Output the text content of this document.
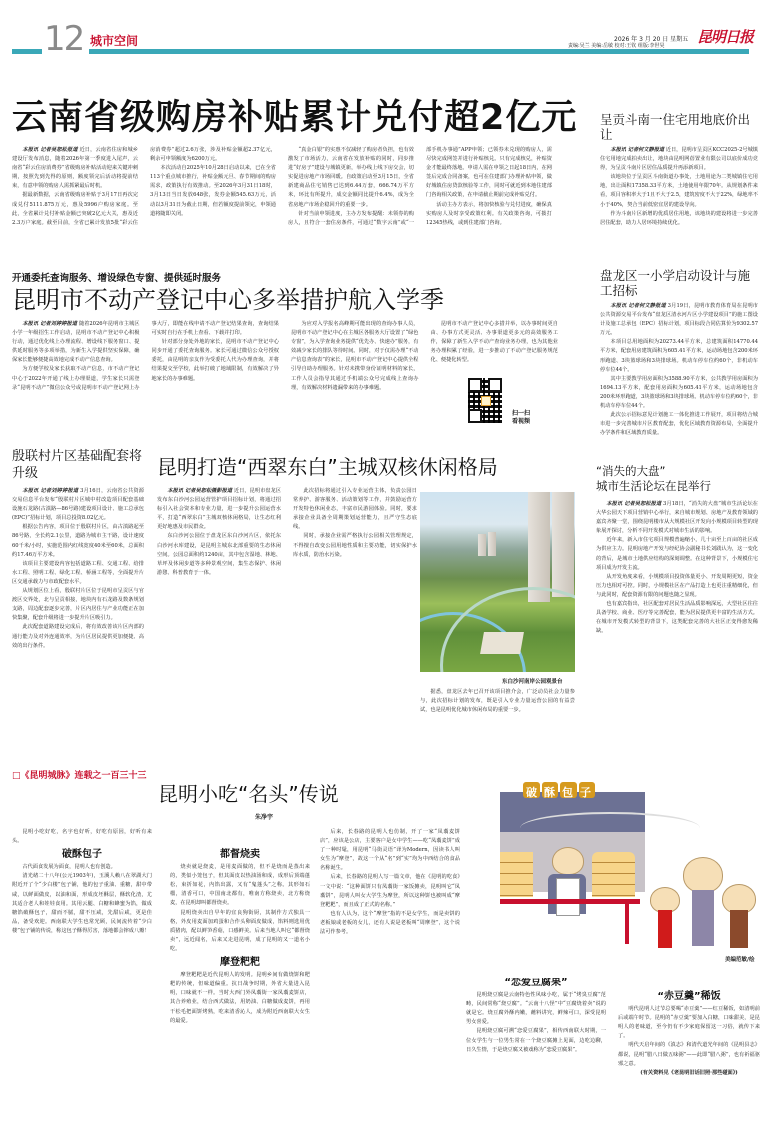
12 城市空间	2026 年 3 月 20 日 星期五
责编:吴兰 美编:岳敏 校对:王钦 组版:李世昊 昆明日报
云南省级购房补贴累计兑付超2亿元

本报讯 记者吴恕松报道 近日，云南省住房和城乡建设厅发布消息，随着2026年第一季度进入尾声，云南省“彩云住房消费券”省级购房补贴活动迎来关键冲刺期，按照先到先得的原则，额度领完后活动将提前结束，有意申领的购房人需抓紧最后时机。

据最新数据，云南省级购房补贴于3月17日再次完成兑付5111.875万元，惠及5996户购房家庭。至此，全省累计兑付补贴金额已突破2亿元大关，惠及近2.3万户家庭。截至目前，全省已累计发放5批“彩云住房消费券”超过2.6万张，涉及补贴金额超2.37亿元，剩余可申领额度为6200万元。

本次活动自2025年10月28日启动以来，已在全省113个重点城市推行，补贴金额元旦、春节期间的购房需求，政策执行有效推动。至2026年3月31日18时，3月13日当日发放648张，发券金额545.63万元，活动以3月31日为截止日期，但若额度提前领完，申领通道将随即关闭。

“真金白银”的实惠不仅减轻了购房者负担，也有效激发了市场活力，云南省在发放补贴的同时，同步推进“好房子”建设与城镇更新，举办线上线下房交会，切实促进房地产市场回暖。自政策启动至3月15日，全省新建商品住宅销售已达到6.44万套，666.74万平方米，环比有所提升，成交金额同比提升6.4%，成为全省房地产市场企稳回升的重要一步。

针对当前申领进度，主办方发布提醒：未领券的购房人，且符合一套住房条件，可通过“数字云南”或“一部手机办事通”APP申领；已领券未兑现的购房人，需尽快完成网签并进行补贴核兑。只有完成核兑，补贴资金才能最终落地。申请人需在申领之日起18日内，在网签后完成合同备案，也可在住建部门办理补贴申领，做好城镇住房贷款核验等工作，同时可就近到本地住建部门咨询相关政策，在申请截止期前完成补贴兑付。

活动主办方表示，将加快核验与兑付进度，确保真实购房人及时享受政策红利。有关政策咨询，可拨打12345热线，或到住建部门咨询。

呈贡斗南一住宅用地底价出让

本报讯 记者何文静报道 近日，昆明市呈贡区KCC2025-2号城镇住宅用地完成拍卖出让，地块由昆明网蓓置业有限公司以底价成功竞得，为呈贡斗南片区居住品质提升再添新项目。

该地块位于呈贡区斗南街道办事处，土地用途为二类城镇住宅用地，出让面积17358.33平方米，土地使用年限70年。从规划条件来看，项目容积率大于1且不大于2.5，建筑密度不大于22%，绿地率不小于40%，契合当前低密宜居的建设导向。

作为斗南片区新增的优质居住用地，该地块的建设将进一步完善居住配套，助力人居环境持续优化。

开通委托查询服务、增设绿色专窗、提供延时服务
昆明市不动产登记中心多举措护航入学季

本报讯 记者刘婷婷报道 随着2026年昆明市主城区小学一年级招生工作启动，昆明市不动产登记中心积极行动，通过优化线上办理流程、增设线下服务窗口、提供延时服务等多项举措，为新生入学提供坚实保障，确保家长能够便捷高效地完成不动产信息查询。

为方便学校及家长获取不动产信息，市不动产登记中心于2022年开通了线上办理渠道，学生家长只需登录“昆明不动产”微信公众号或昆明市不动产登记网上办事大厅，即能在线申请不动产登记结果查询，查询结果可实时自行在手机上查看、下载并打印。

针对部分身处外地的家长，昆明市不动产登记中心同步开通了委托查询服务。家长可通过微信公众号授权委托，由昆明的亲友作为受委托人代为办理查询，并将结果提交至学校，此举打破了地域限制，有效解决了异地家长的办事难题。

为应对入学报名高峰期可能出现的查询办事人员，昆明市不动产登记中心在主城区各服务大厅设置了“绿色专窗”，为入学查询业务提供“优先办、快速办”服务，有效减少家长的排队等待时间。同时，对于仅需办理“不动产信息查询表”的家长，昆明市不动产登记中心提供全程引导自助办理服务。针对未携带身份证明材料的家长，工作人员会指导其通过手机端公众号完成线上查询办理，有效解决材料遗漏带来的办事难题。

昆明市不动产登记中心多措并举，以办事时间更自由、办事方式更灵活、办事渠道更多元的高效服务工作，保障了新生入学不动产查询业务办理，也为其他业务办理积累了经验，进一步推动了不动产登记服务规范化、便捷化转型。

扫一扫
看视频
盘龙区一小学启动设计与施工招标

本报讯 记者何文静报道 3月19日，昆明市教育体育局在昆明市公共资源交易平台发布“盘龙区清水河片区小学建设项目”的施工图设计及施工总承包（EPC）招标计划，项目标段合同估算价为9302.57万元。

本项目总用地面积为20273.44平方米，总建筑面积14770.44平方米，配套用房建筑面积为605.41平方米，运动场地包含200米环形跑道、3块篮球场和3块排球场。机动车停车位约60个，非机动车停车位44个。

其中主要教学用房面积为3588.90平方米，公共教学用房面积为1694.13平方米，配套用房面积为605.41平方米，运动场地包含200米环形跑道，3块篮球场和3块排球场。机动车停车位约60个，非机动车停车位44个。

此次公示招标意见计划施工一体化推进工作展开，项目将结合城市进一步完善城市片区教育配套，优化区域教育资源布局，全面提升办学条件和区域教育质量。

殷联村片区基础配套将升级

本报讯 记者刘婷婷报道 3月16日，云南省公共资源交易信息平台发布“殷联村片区城中村改造项目配套基础设施石龙路(古滇路—86号路)建设项目设计、施工总承包(EPC)”招标计划，项目总投资8.02亿元。

根据公告内容，项目位于殷联村片区，由古滇路起至86号路，全长约2.1公里，道路为城市主干路，设计速度60千米/小时，实施范围内红线宽度40米至60米，总面积约17.46万平方米。

该项目主要建设内容包括道路工程、交通工程、给排水工程、照明工程、绿化工程、桥涵工程等，全面提升片区交通承载力与市政配套水平。

从规划区位上看，殷联村片区位于昆明市呈贡区与官渡区交界处，北与呈贡相接，地块内有石龙路及数条规划支路，周边配套逐步完善，片区内居住与产业功能正在加快集聚，配套升级将进一步提升片区吸引力。

此次配套道路建设完成后，将有效改善该片区内部的通行能力及对外连通效率，为片区居民提供更加便捷、高效的出行条件。

昆明打造“西翠东白”主城双核休闲格局

本报讯 记者吴恕松摄影报道 近日，昆明市盘龙区发布东白沙河公园运营管护项目招标计划，将通过招标引入社会资本和专业力量，进一步提升公园运营水平，打造“西翠东白”主城双核休闲格局，让生态红利更好地惠及市民群众。

东白沙河公园位于盘龙区东白沙河片区，依托东白沙河水库建设，是昆明主城东北部重要的生态休闲空间。公园总面积约1240亩，其中包含湿地、林地、草坪及休闲步道等多种景观空间，集生态保护、休闲游憩、科普教育于一体。

此次招标将通过引入专业运营主体，负责公园日常养护、游客服务、活动策划等工作，并鼓励运营方开发特色休闲业态，丰富市民游园体验。同时，要求承接企业具备全周期策划运营能力，且严守生态底线。

同时，承接企业需严格执行公园相关管理规定，不得擅自改变公园用地性质和主要功能，切实保护水库水质，防治水污染。

东白沙河南岸公园观景台

据悉，盘龙区去年已召开该项目推介会，广泛动员社会力量参与，此次招标计划的发布，既是引入专业力量运营公园的有益尝试，也是昆明优化城市休闲布局的重要一步。

“消失的大盘”
城市生活论坛在昆举行

本报讯 记者吴恕松报道 3月18日，“消失的大盘”城市生活论坛在大华公园天下项目营销中心举行，来自城市规划、房地产及教育领域的嘉宾齐聚一堂，围绕昆明楼市从大规模社区开发向小规模项目转型的现象展开探讨，分析不同开发模式对城市生活的影响。

近年来，新入市住宅项目规模普遍缩小，几十亩至上百亩的社区成为供应主力。昆明房地产开发与经纪协会副秘书长刘践认为，这一变化的背后，是城市土地供应结构的深刻调整。在这种背景下，小规模住宅项目成为开发主流。

从开发角度来看，小规模项目投资体量更小、开发周期更短，资金压力也相对可控。同时，小规模社区在产品打造上也更注重精细化，但与此同时，配套资源有限的问题也随之显现。

也有嘉宾指出，社区配套对居民生活品质影响深远，大型社区往往具备学校、商业、医疗等完善配套，能为居民提供更丰富的生活方式。在城市开发模式转型的背景下，这类配套完善的大社区正变得愈发稀缺。

□《昆明城脉》连载之一百三十三
昆明小吃“名头”传说
朱净宇
破酥包子
美编范敏/绘

昆明小吃好吃，名字也好听，好吃有原因，好听有来头。

破酥包子

古代面食发展为面食，昆明人也有创造。

清光绪二十八年(公元1903年)，玉溪人赖八在翠湖大门附近开了个“少白楼”包子铺，他的包子重油、重糖，甜中带咸，以鲜面做皮，以油和面，形成皮坯酥层，酥软化渣，尤其适合老人和娃娃食用。其用云腿、白糖和蜂蜜为馅，做成糖馅破酥包子，甜而不腻，甜不压咸，先甜后咸，更是佳品，备受欢迎。西南联大学生也常光顾，民间流传着“少白楼”包子铺的传说，称这包子酥得厉害，落地都会摔成八瓣！

都督烧卖

烧卖就是烧麦，是用麦面做的，但不是烧而是蒸出来的，类似小笼包子，但其面皮以热油汤和成，成形后顶端蓬松，束折如花，内馅出露，又有“鬼蓬头”之称。其形如石榴，清香可口，中国南北都有，唯南方称烧卖，北方称烧麦，在昆明却叫都督烧卖。

昆明烧卖出自早年的宜良狗街厨，其制作方式独具一格，外皮用麦面加鸡蛋和合作头卵面皮做成，馅料则选用优质猪肉，配以鲜笋香菇，口感鲜美。后来当地人叫它“都督烧卖”，远近闻名，后来又走进昆明，成了昆明的又一道名小吃。

摩登粑粑

摩登粑粑是近代昆明人的发明。昆明乡间有做烧饼和粑粑的传统，但味道偏重。抗日战争时期，外省大量进入昆明，口味就不一样。当时大西门外凤翥街一家凤翥麦饼店，其合养殖业，结合西式做法，用奶油、白糖做成麦饼，再用干松毛把面饼烤熟，吃来清香沁人，成为附近西南联大女生的最爱。

后来，长春路的昆明人也仿制，开了一家“凤翥麦饼店”，应该是公店，主要客户是女中学生——吃“凤翥麦饼”成了一种时髦，用昆明“马街灵语”译为Modern，因读书人叫女生为“摩登”，故这一个从“名”到“实”均为中西结合的食品名称诞生。

后来，长春路的昆明人写一篇文章，他在《昆明的吃食》一文中说：“这种面饼只有凤翥街一家饭摊卖，昆明叫它“凤翥饼”，昆明人叫女大学生为摩登，所以这种饼也被叫成“摩登粑粑”，而且成了正式的名称。”

也有人认为，这个“摩登”指的不是女学生，而是卖饼的老板娘或老板的女儿，还有人说是老板叫“周摩登”，这个说法可作参考。

“恋爱豆腐果”

昆明烧豆腐是云南特色性风味小吃，属于“烤臭豆腐”范畴，民间常称“烧豆腐”。“云南十八怪”中“豆腐烧着卖”说的就是它。烧豆腐外酥内嫩，蘸料讲究，鲜辣可口，深受昆明男女喜爱。

昆明烧豆腐可溯“恋爱豆腐果”，相传西南联大时期，一位女学生与一位男生常在一个烧豆腐摊上见面，边吃边聊，日久生情，于是烧豆腐又被戏称为“恋爱豆腐果”。

“赤豆羹”稀饭

明代昆明人过节总要喝“赤豆羹”——红豆稀饭，如清明前后或端午时节。昆明的“赤豆羹”要加入白糖，口味甜美，是昆明人的老味道，至今仍有不少家庭保留这一习俗，就传下来了。

明代天启年间的《滇志》和清代道光年间的《昆明县志》都说，昆明“腊八日做五味粥”——此即“腊八粥”，也有祈福驱邪之意。

(有关资料见《老昆明旧话旧照·那些碰面》)
